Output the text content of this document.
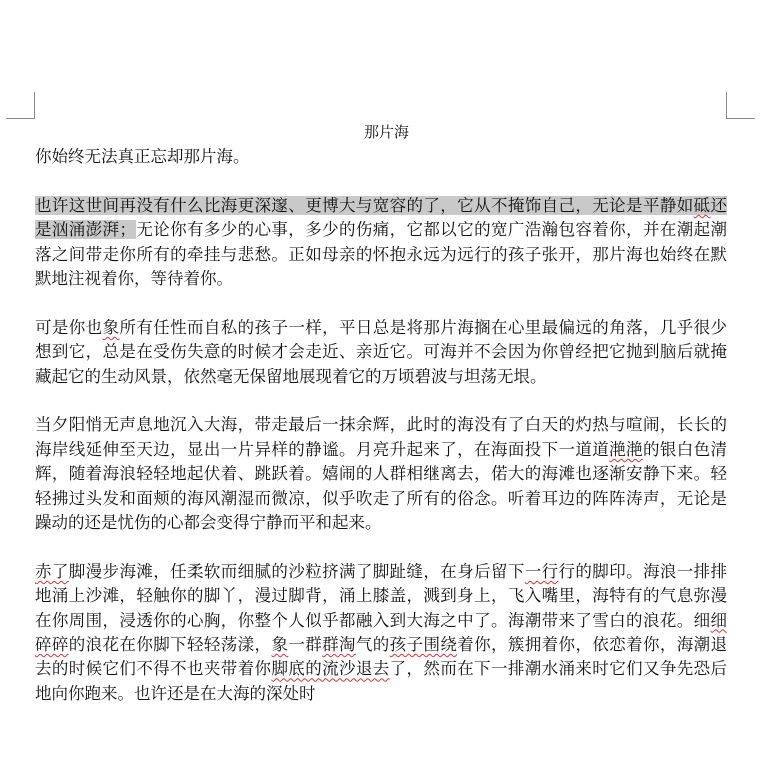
那片海

你始终无法真正忘却那片海。

也许这世间再没有什么比海更深邃、更博大与宽容的了，它从不掩饰自己，无论是平静如砥还是汹涌澎湃；无论你有多少的心事，多少的伤痛，它都以它的宽广浩瀚包容着你，并在潮起潮落之间带走你所有的牵挂与悲愁。正如母亲的怀抱永远为远行的孩子张开，那片海也始终在默默地注视着你，等待着你。

可是你也象所有任性而自私的孩子一样，平日总是将那片海搁在心里最偏远的角落，几乎很少想到它，总是在受伤失意的时候才会走近、亲近它。可海并不会因为你曾经把它抛到脑后就掩藏起它的生动风景，依然毫无保留地展现着它的万顷碧波与坦荡无垠。

当夕阳悄无声息地沉入大海，带走最后一抹余辉，此时的海没有了白天的灼热与喧闹，长长的海岸线延伸至天边，显出一片异样的静谧。月亮升起来了，在海面投下一道道滟滟的银白色清辉，随着海浪轻轻地起伏着、跳跃着。嬉闹的人群相继离去，偌大的海滩也逐渐安静下来。轻轻拂过头发和面颊的海风潮湿而微凉，似乎吹走了所有的俗念。听着耳边的阵阵涛声，无论是躁动的还是忧伤的心都会变得宁静而平和起来。

赤了脚漫步海滩，任柔软而细腻的沙粒挤满了脚趾缝，在身后留下一行行的脚印。海浪一排排地涌上沙滩，轻触你的脚丫，漫过脚背，涌上膝盖，溅到身上，飞入嘴里，海特有的气息弥漫在你周围，浸透你的心胸，你整个人似乎都融入到大海之中了。海潮带来了雪白的浪花。细细碎碎的浪花在你脚下轻轻荡漾，象一群群淘气的孩子围绕着你，簇拥着你，依恋着你，海潮退去的时候它们不得不也夹带着你脚底的流沙退去了，然而在下一排潮水涌来时它们又争先恐后地向你跑来。也许还是在大海的深处时
